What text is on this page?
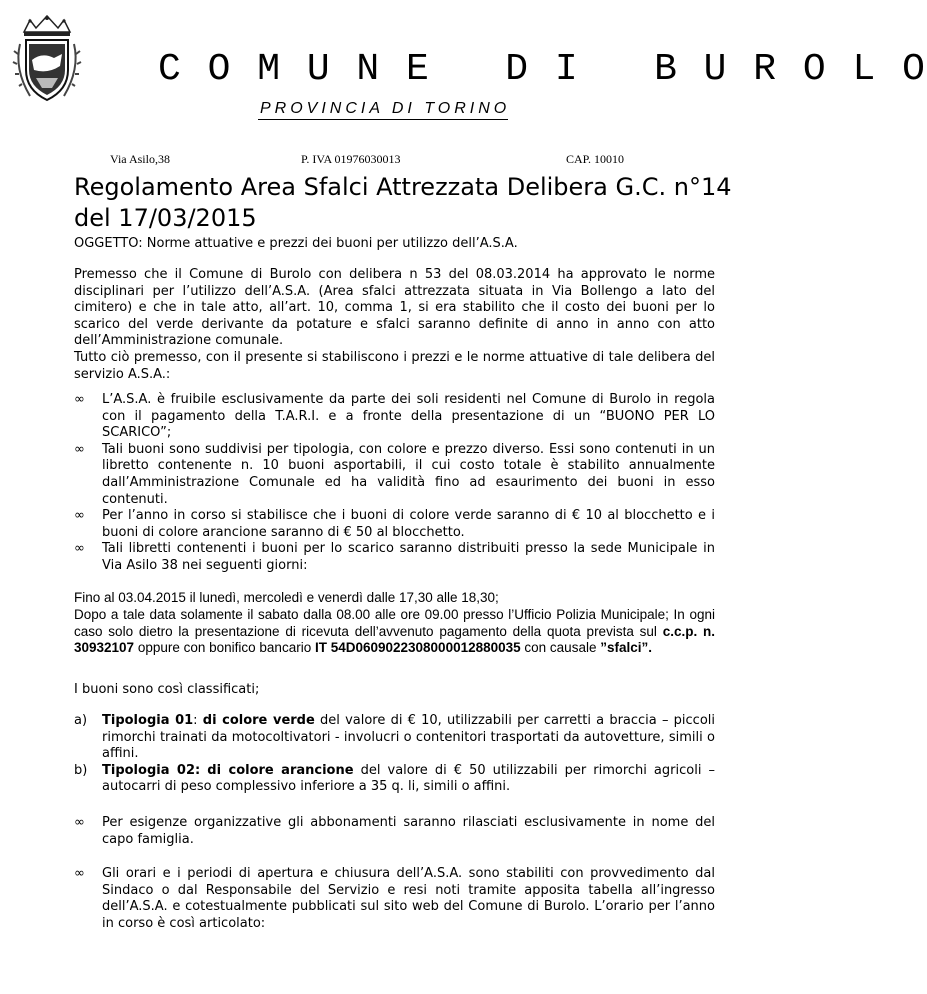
C O M U N E   D I   B U R O L O
PROVINCIA DI TORINO
Via Asilo,38	P. IVA 01976030013	CAP. 10010
Regolamento Area Sfalci Attrezzata Delibera G.C. n°14 del 17/03/2015

OGGETTO: Norme attuative e prezzi dei buoni per utilizzo dell’A.S.A.

Premesso che il Comune di Burolo con delibera n 53 del 08.03.2014 ha approvato le norme disciplinari per l’utilizzo dell’A.S.A. (Area sfalci attrezzata situata in Via Bollengo a lato del cimitero) e che in tale atto, all’art. 10, comma 1, si era stabilito che il costo dei buoni per lo scarico del verde derivante da potature e sfalci saranno definite di anno in anno con atto dell’Amministrazione comunale.

Tutto ciò premesso, con il presente si stabiliscono i prezzi e le norme attuative di tale delibera del servizio A.S.A.:

∞ L’A.S.A. è fruibile esclusivamente da parte dei soli residenti nel Comune di Burolo in regola con il pagamento della T.A.R.I. e a fronte della presentazione di un “BUONO PER LO SCARICO”;
∞ Tali buoni sono suddivisi per tipologia, con colore e prezzo diverso. Essi sono contenuti in un libretto contenente n. 10 buoni asportabili, il cui costo totale è stabilito annualmente dall’Amministrazione Comunale ed ha validità fino ad esaurimento dei buoni in esso contenuti.
∞ Per l’anno in corso si stabilisce che i buoni di colore verde saranno di € 10 al blocchetto e i buoni di colore arancione saranno di € 50 al blocchetto.
∞ Tali libretti contenenti i buoni per lo scarico saranno distribuiti presso la sede Municipale in Via Asilo 38 nei seguenti giorni:

Fino al 03.04.2015 il lunedì, mercoledì e venerdì dalle 17,30 alle 18,30;

Dopo a tale data solamente il sabato dalla 08.00 alle ore 09.00 presso l’Ufficio Polizia Municipale; In ogni caso solo dietro la presentazione di ricevuta dell’avvenuto pagamento della quota prevista sul c.c.p. n. 30932107 oppure con bonifico bancario IT 54D0609022308000012880035 con causale ”sfalci”.

I buoni sono così classificati;

a) Tipologia 01: di colore verde del valore di € 10, utilizzabili per carretti a braccia – piccoli rimorchi trainati da motocoltivatori - involucri o contenitori trasportati da autovetture, simili o affini.
b) Tipologia 02: di colore arancione del valore di € 50 utilizzabili per rimorchi agricoli – autocarri di peso complessivo inferiore a 35 q. li, simili o affini.
∞ Per esigenze organizzative gli abbonamenti saranno rilasciati esclusivamente in nome del capo famiglia.
∞ Gli orari e i periodi di apertura e chiusura dell’A.S.A. sono stabiliti con provvedimento dal Sindaco o dal Responsabile del Servizio e resi noti tramite apposita tabella all’ingresso dell’A.S.A. e cotestualmente pubblicati sul sito web del Comune di Burolo. L’orario per l’anno in corso è così articolato:
